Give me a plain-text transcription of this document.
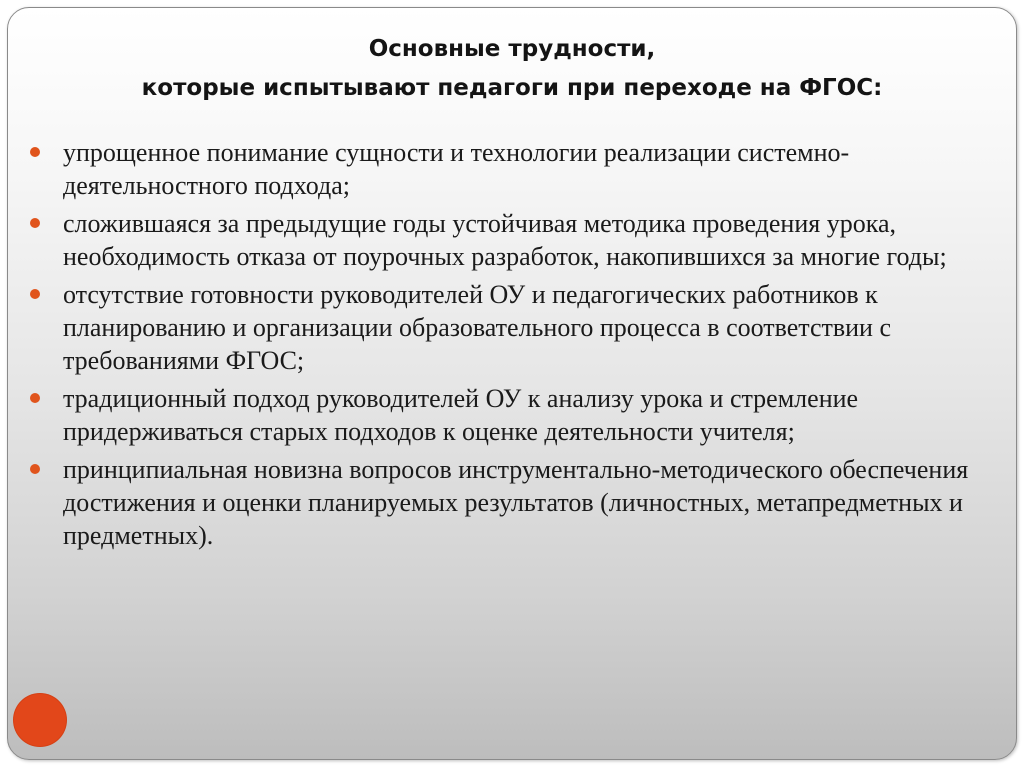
Основные трудности,
которые испытывают педагоги при переходе на ФГОС:
упрощенное понимание сущности и технологии реализации системно-деятельностного подхода;
сложившаяся за предыдущие годы устойчивая методика проведения урока, необходимость отказа от поурочных разработок, накопившихся за многие годы;
отсутствие готовности руководителей ОУ и педагогических работников к планированию и организации образовательного процесса в соответствии с требованиями ФГОС;
традиционный подход руководителей ОУ к анализу урока и стремление придерживаться старых подходов к оценке деятельности учителя;
принципиальная новизна вопросов инструментально-методического обеспечения достижения и оценки планируемых результатов (личностных, метапредметных и предметных).
